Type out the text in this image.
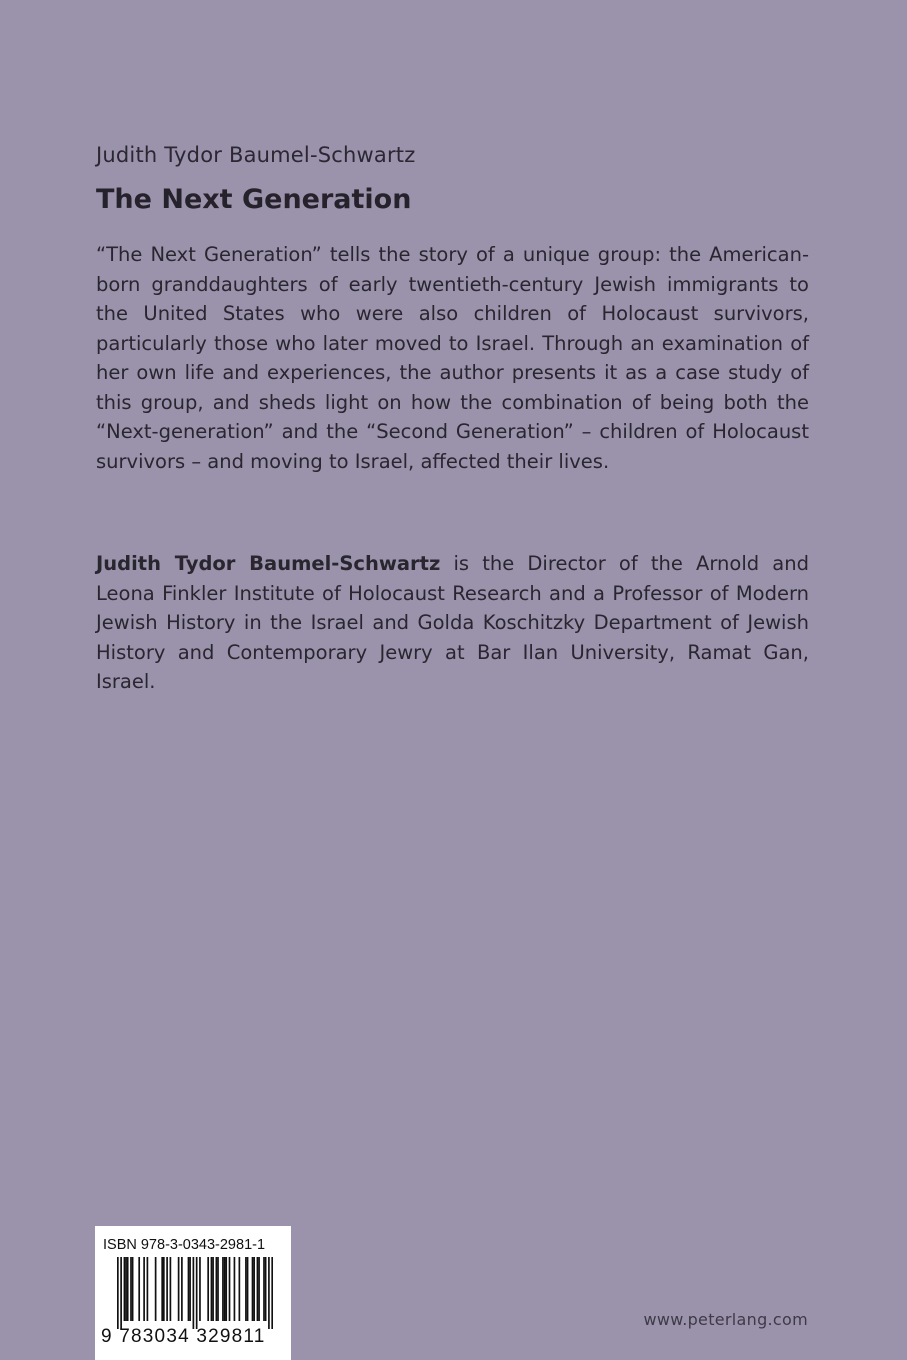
Judith Tydor Baumel-Schwartz
The Next Generation

“The Next Generation” tells the story of a unique group: the American-born granddaughters of early twentieth-century Jewish immigrants to the United States who were also children of Holocaust survivors, particularly those who later moved to Israel. Through an examination of her own life and experiences, the author presents it as a case study of this group, and sheds light on how the combination of being both the “Next-generation” and the “Second Generation” – children of Holocaust survivors – and moving to Israel, affected their lives.

Judith Tydor Baumel-Schwartz is the Director of the Arnold and Leona Finkler Institute of Holocaust Research and a Professor of Modern Jewish History in the Israel and Golda Koschitzky Department of Jewish History and Contemporary Jewry at Bar Ilan University, Ramat Gan, Israel.

ISBN 978-3-0343-2981-1
9 783034 329811
www.peterlang.com
